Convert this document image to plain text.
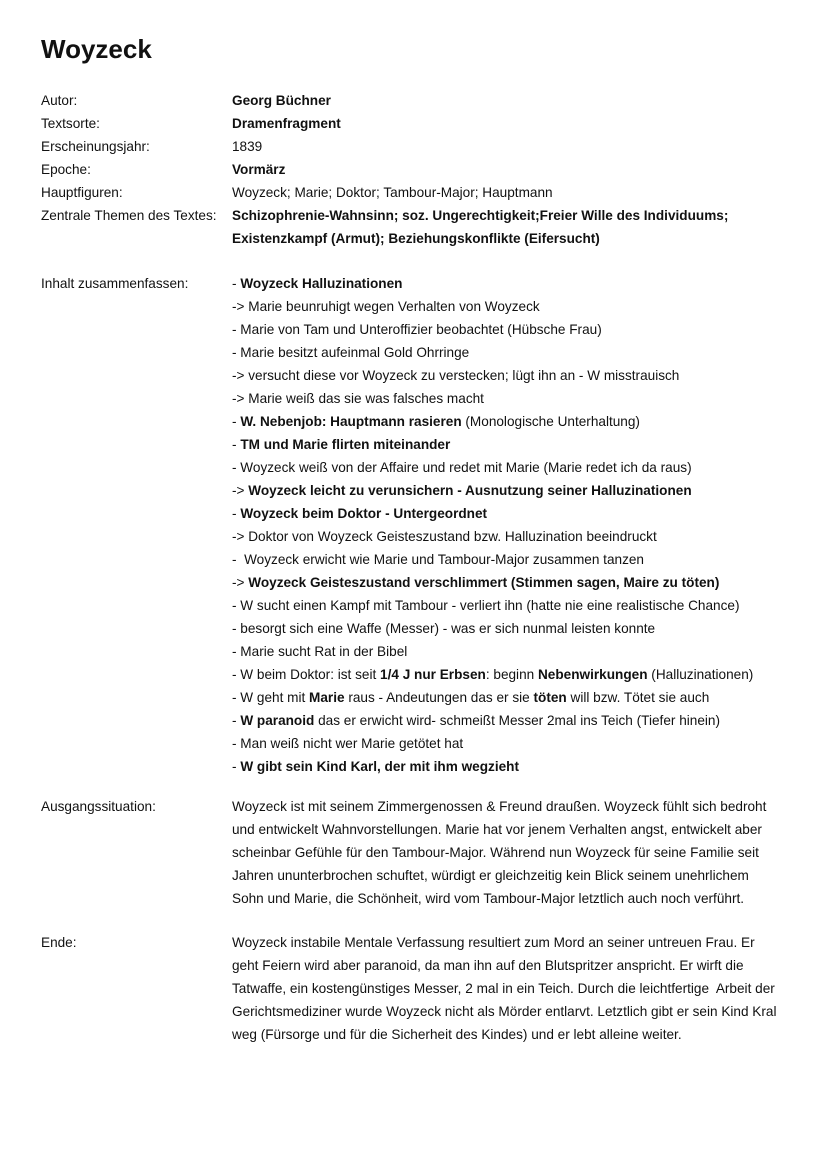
Woyzeck
Autor:	Georg Büchner
Textsorte:	Dramenfragment
Erscheinungsjahr:	1839
Epoche:	Vormärz
Hauptfiguren:	Woyzeck; Marie; Doktor; Tambour-Major; Hauptmann
Zentrale Themen des Textes: Schizophrenie-Wahnsinn; soz. Ungerechtigkeit;Freier Wille des Individuums;
Existenzkampf (Armut); Beziehungskonflikte (Eifersucht)
Inhalt zusammenfassen:	- Woyzeck Halluzinationen
-> Marie beunruhigt wegen Verhalten von Woyzeck
- Marie von Tam und Unteroffizier beobachtet (Hübsche Frau)
- Marie besitzt aufeinmal Gold Ohrringe
-> versucht diese vor Woyzeck zu verstecken; lügt ihn an - W misstrauisch
-> Marie weiß das sie was falsches macht
- W. Nebenjob: Hauptmann rasieren (Monologische Unterhaltung)
- TM und Marie flirten miteinander
- Woyzeck weiß von der Affaire und redet mit Marie (Marie redet ich da raus)
-> Woyzeck leicht zu verunsichern - Ausnutzung seiner Halluzinationen
- Woyzeck beim Doktor - Untergeordnet
-> Doktor von Woyzeck Geisteszustand bzw. Halluzination beeindruckt
-  Woyzeck erwicht wie Marie und Tambour-Major zusammen tanzen
-> Woyzeck Geisteszustand verschlimmert (Stimmen sagen, Maire zu töten)
- W sucht einen Kampf mit Tambour - verliert ihn (hatte nie eine realistische Chance)
- besorgt sich eine Waffe (Messer) - was er sich nunmal leisten konnte
- Marie sucht Rat in der Bibel
- W beim Doktor: ist seit 1/4 J nur Erbsen: beginn Nebenwirkungen (Halluzinationen)
- W geht mit Marie raus - Andeutungen das er sie töten will bzw. Tötet sie auch
- W paranoid das er erwicht wird- schmeißt Messer 2mal ins Teich (Tiefer hinein)
- Man weiß nicht wer Marie getötet hat
- W gibt sein Kind Karl, der mit ihm wegzieht
Ausgangssituation:	Woyzeck ist mit seinem Zimmergenossen & Freund draußen. Woyzeck fühlt sich bedroht
und entwickelt Wahnvorstellungen. Marie hat vor jenem Verhalten angst, entwickelt aber
scheinbar Gefühle für den Tambour-Major. Während nun Woyzeck für seine Familie seit
Jahren ununterbrochen schuftet, würdigt er gleichzeitig kein Blick seinem unehrlichem
Sohn und Marie, die Schönheit, wird vom Tambour-Major letztlich auch noch verführt.
Ende:	Woyzeck instabile Mentale Verfassung resultiert zum Mord an seiner untreuen Frau. Er
geht Feiern wird aber paranoid, da man ihn auf den Blutspritzer anspricht. Er wirft die
Tatwaffe, ein kostengünstiges Messer, 2 mal in ein Teich. Durch die leichtfertige  Arbeit der
Gerichtsmediziner wurde Woyzeck nicht als Mörder entlarvt. Letztlich gibt er sein Kind Kral
weg (Fürsorge und für die Sicherheit des Kindes) und er lebt alleine weiter.
